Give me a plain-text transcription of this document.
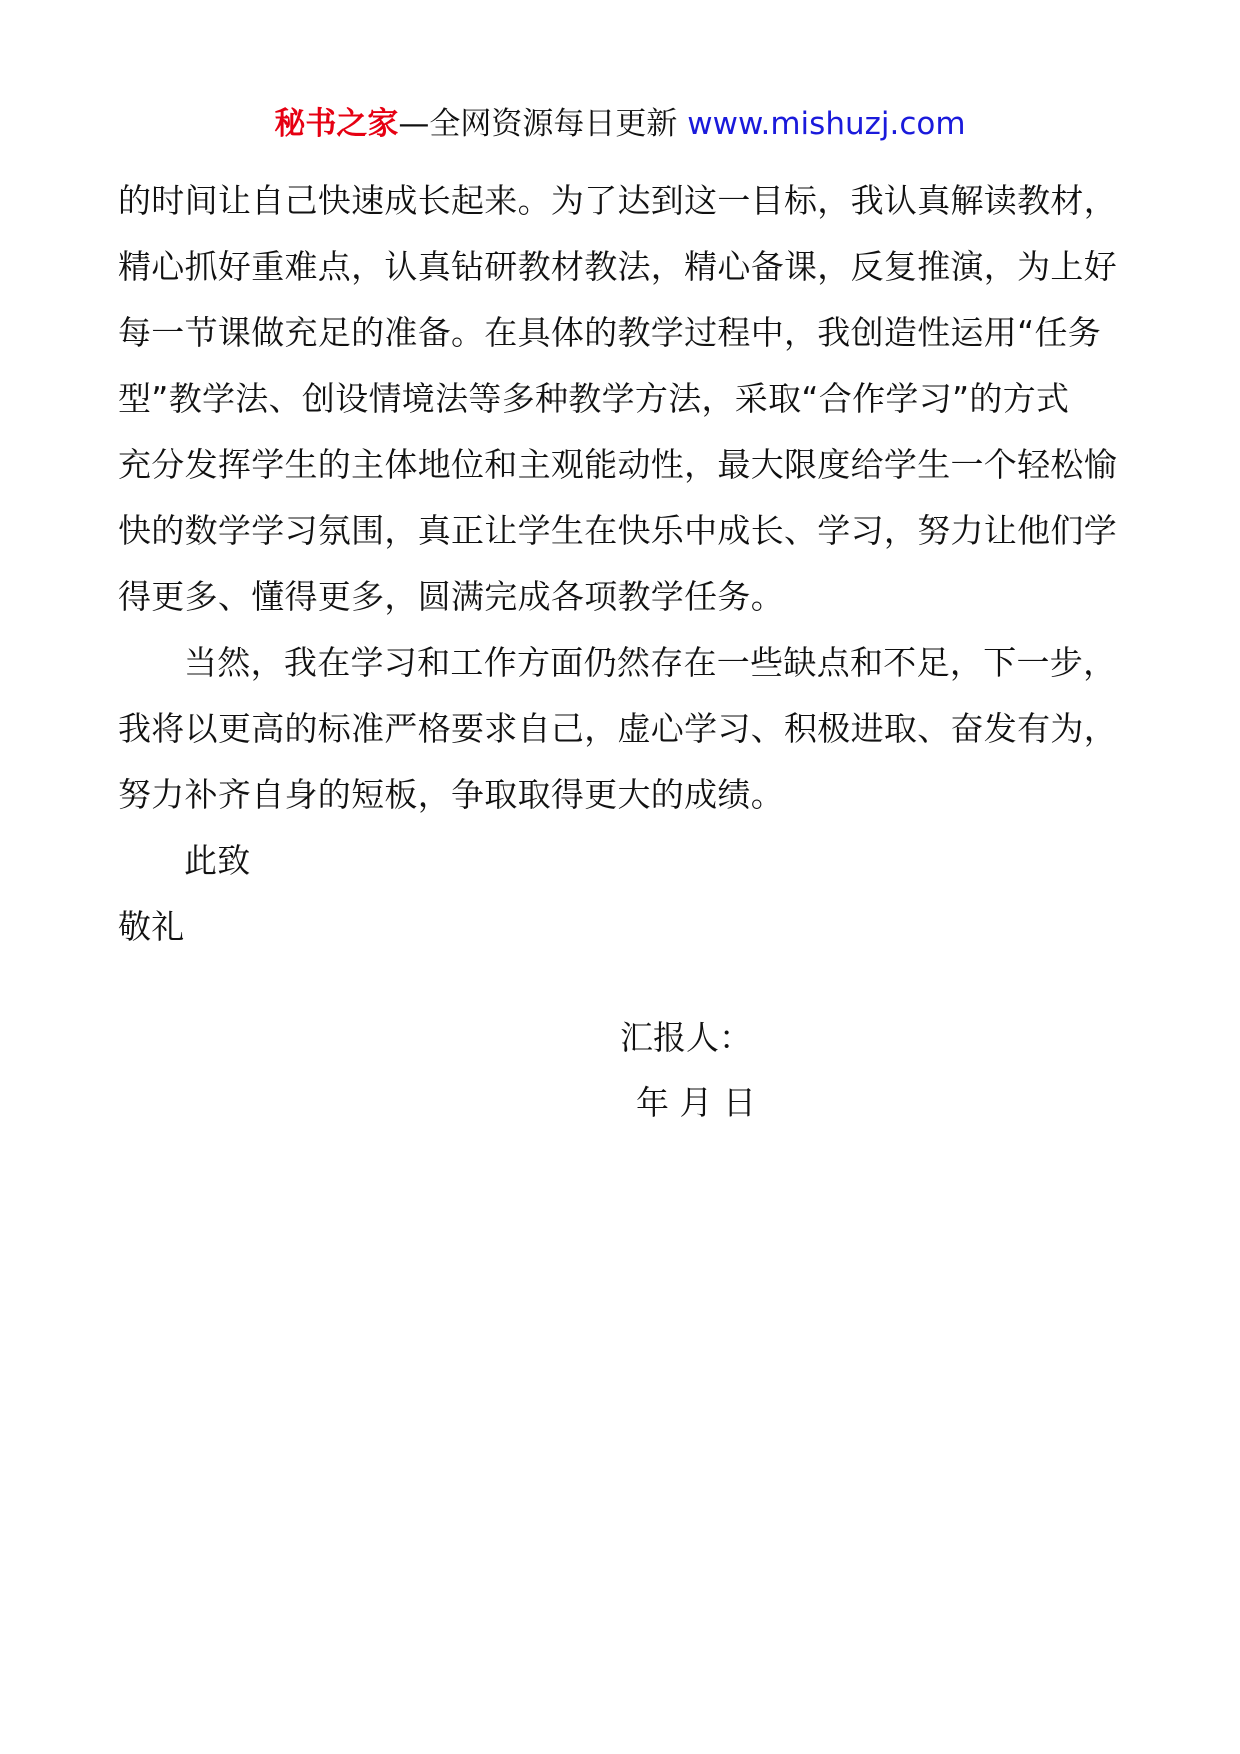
秘书之家—全网资源每日更新 www.mishuzj.com
的时间让自己快速成长起来。为了达到这一目标，我认真解读教材，
精心抓好重难点，认真钻研教材教法，精心备课，反复推演，为上好
每一节课做充足的准备。在具体的教学过程中，我创造性运用“任务
型”教学法、创设情境法等多种教学方法，采取“合作学习”的方式
充分发挥学生的主体地位和主观能动性，最大限度给学生一个轻松愉
快的数学学习氛围，真正让学生在快乐中成长、学习，努力让他们学
得更多、懂得更多，圆满完成各项教学任务。
当然，我在学习和工作方面仍然存在一些缺点和不足，下一步，
我将以更高的标准严格要求自己，虚心学习、积极进取、奋发有为，
努力补齐自身的短板，争取取得更大的成绩。
此致
敬礼
汇报人：
年 月 日
